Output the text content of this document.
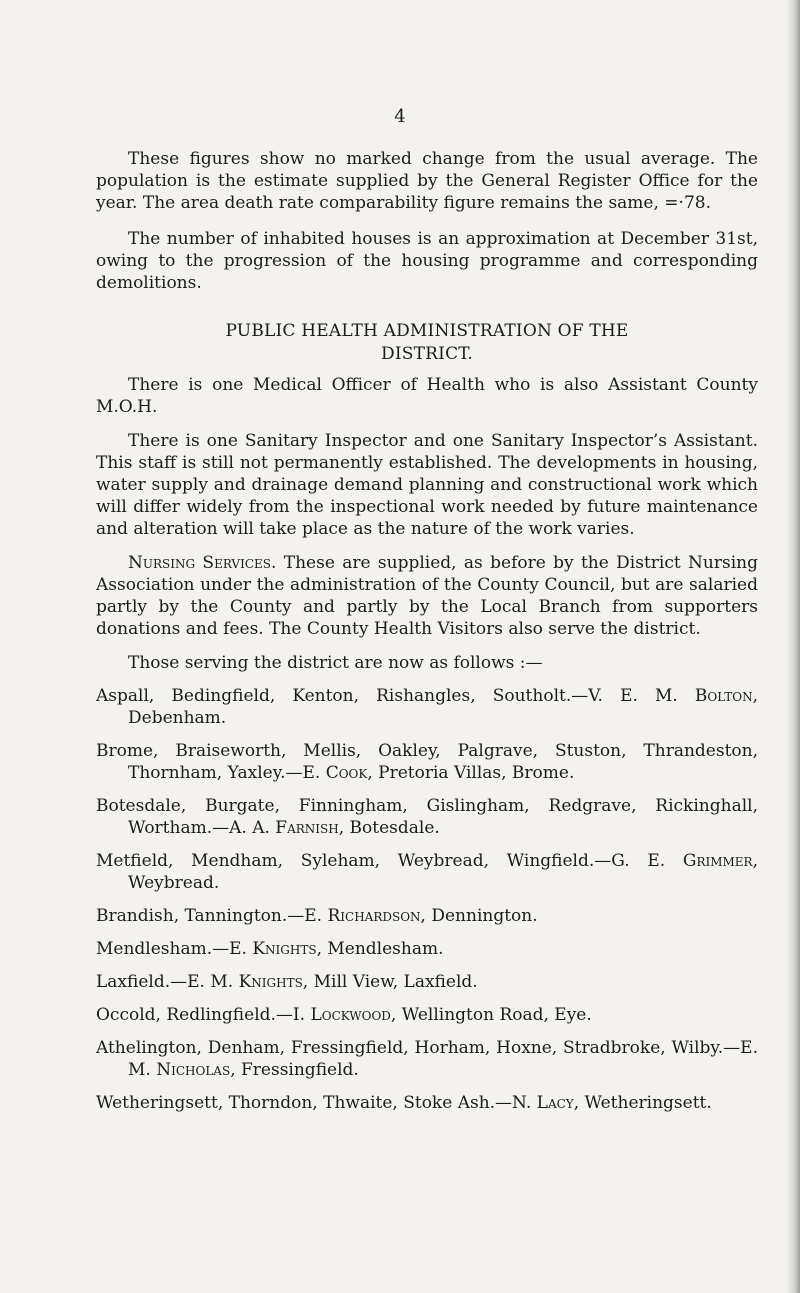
4

These figures show no marked change from the usual average. The population is the estimate supplied by the General Register Office for the year. The area death rate comparability figure remains the same, =·78.

The number of inhabited houses is an approximation at December 31st, owing to the progression of the housing programme and corresponding demolitions.

PUBLIC HEALTH ADMINISTRATION OF THE
DISTRICT.

There is one Medical Officer of Health who is also Assistant County M.O.H.

There is one Sanitary Inspector and one Sanitary Inspector’s Assistant. This staff is still not permanently established. The developments in housing, water supply and drainage demand planning and constructional work which will differ widely from the inspectional work needed by future maintenance and alteration will take place as the nature of the work varies.

Nursing Services. These are supplied, as before by the District Nursing Association under the administration of the County Council, but are salaried partly by the County and partly by the Local Branch from supporters donations and fees. The County Health Visitors also serve the district.

Those serving the district are now as follows :—

Aspall, Bedingfield, Kenton, Rishangles, Southolt.—V. E. M. Bolton, Debenham.

Brome, Braiseworth, Mellis, Oakley, Palgrave, Stuston, Thrandeston, Thornham, Yaxley.—E. Cook, Pretoria Villas, Brome.

Botesdale, Burgate, Finningham, Gislingham, Redgrave, Rickinghall, Wortham.—A. A. Farnish, Botesdale.

Metfield, Mendham, Syleham, Weybread, Wingfield.—G. E. Grimmer, Weybread.

Brandish, Tannington.—E. Richardson, Dennington.

Mendlesham.—E. Knights, Mendlesham.

Laxfield.—E. M. Knights, Mill View, Laxfield.

Occold, Redlingfield.—I. Lockwood, Wellington Road, Eye.

Athelington, Denham, Fressingfield, Horham, Hoxne, Stradbroke, Wilby.—E. M. Nicholas, Fressingfield.

Wetheringsett, Thorndon, Thwaite, Stoke Ash.—N. Lacy, Wetheringsett.
